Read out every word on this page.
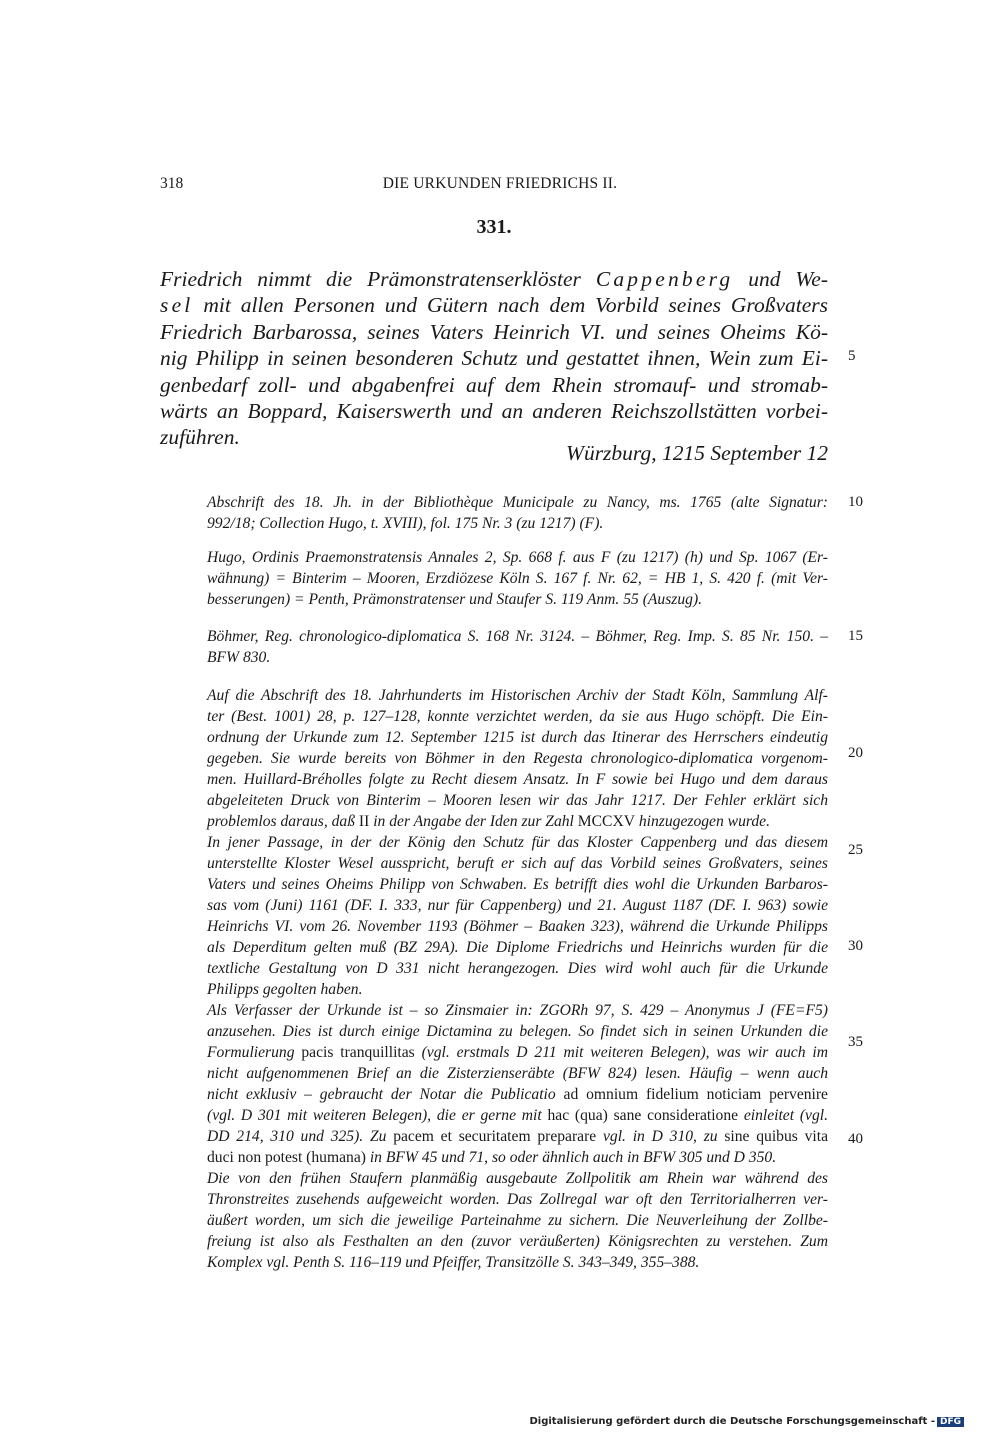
318	DIE URKUNDEN FRIEDRICHS II.
331.
Friedrich nimmt die Prämonstratenserklöster Cappenberg und We-
sel mit allen Personen und Gütern nach dem Vorbild seines Großvaters
Friedrich Barbarossa, seines Vaters Heinrich VI. und seines Oheims Kö-
nig Philipp in seinen besonderen Schutz und gestattet ihnen, Wein zum Ei-
genbedarf zoll- und abgabenfrei auf dem Rhein stromauf- und stromab-
wärts an Boppard, Kaiserswerth und an anderen Reichszollstätten vorbei-
zuführen.
Würzburg, 1215 September 12
Abschrift des 18. Jh. in der Bibliothèque Municipale zu Nancy, ms. 1765 (alte Signatur:
992/18; Collection Hugo, t. XVIII), fol. 175 Nr. 3 (zu 1217) (F).
Hugo, Ordinis Praemonstratensis Annales 2, Sp. 668 f. aus F (zu 1217) (h) und Sp. 1067 (Er-
wähnung) = Binterim – Mooren, Erzdiözese Köln S. 167 f. Nr. 62, = HB 1, S. 420 f. (mit Ver-
besserungen) = Penth, Prämonstratenser und Staufer S. 119 Anm. 55 (Auszug).
Böhmer, Reg. chronologico-diplomatica S. 168 Nr. 3124. – Böhmer, Reg. Imp. S. 85 Nr. 150. –
BFW 830.
Auf die Abschrift des 18. Jahrhunderts im Historischen Archiv der Stadt Köln, Sammlung Alf-
ter (Best. 1001) 28, p. 127–128, konnte verzichtet werden, da sie aus Hugo schöpft. Die Ein-
ordnung der Urkunde zum 12. September 1215 ist durch das Itinerar des Herrschers eindeutig
gegeben. Sie wurde bereits von Böhmer in den Regesta chronologico-diplomatica vorgenom-
men. Huillard-Bréholles folgte zu Recht diesem Ansatz. In F sowie bei Hugo und dem daraus
abgeleiteten Druck von Binterim – Mooren lesen wir das Jahr 1217. Der Fehler erklärt sich
problemlos daraus, daß II in der Angabe der Iden zur Zahl MCCXV hinzugezogen wurde.
In jener Passage, in der der König den Schutz für das Kloster Cappenberg und das diesem
unterstellte Kloster Wesel ausspricht, beruft er sich auf das Vorbild seines Großvaters, seines
Vaters und seines Oheims Philipp von Schwaben. Es betrifft dies wohl die Urkunden Barbaros-
sas vom (Juni) 1161 (DF. I. 333, nur für Cappenberg) und 21. August 1187 (DF. I. 963) sowie
Heinrichs VI. vom 26. November 1193 (Böhmer – Baaken 323), während die Urkunde Philipps
als Deperditum gelten muß (BZ 29A). Die Diplome Friedrichs und Heinrichs wurden für die
textliche Gestaltung von D 331 nicht herangezogen. Dies wird wohl auch für die Urkunde
Philipps gegolten haben.
Als Verfasser der Urkunde ist – so Zinsmaier in: ZGORh 97, S. 429 – Anonymus J (FE=F5)
anzusehen. Dies ist durch einige Dictamina zu belegen. So findet sich in seinen Urkunden die
Formulierung pacis tranquillitas (vgl. erstmals D 211 mit weiteren Belegen), was wir auch im
nicht aufgenommenen Brief an die Zisterzienseräbte (BFW 824) lesen. Häufig – wenn auch
nicht exklusiv – gebraucht der Notar die Publicatio ad omnium fidelium noticiam pervenire
(vgl. D 301 mit weiteren Belegen), die er gerne mit hac (qua) sane consideratione einleitet (vgl.
DD 214, 310 und 325). Zu pacem et securitatem preparare vgl. in D 310, zu sine quibus vita
duci non potest (humana) in BFW 45 und 71, so oder ähnlich auch in BFW 305 und D 350.
Die von den frühen Staufern planmäßig ausgebaute Zollpolitik am Rhein war während des
Thronstreites zusehends aufgeweicht worden. Das Zollregal war oft den Territorialherren ver-
äußert worden, um sich die jeweilige Parteinahme zu sichern. Die Neuverleihung der Zollbe-
freiung ist also als Festhalten an den (zuvor veräußerten) Königsrechten zu verstehen. Zum
Komplex vgl. Penth S. 116–119 und Pfeiffer, Transitzölle S. 343–349, 355–388.
5
10
15
20
25
30
35
40
Digitalisierung gefördert durch die Deutsche Forschungsgemeinschaft - DFG
